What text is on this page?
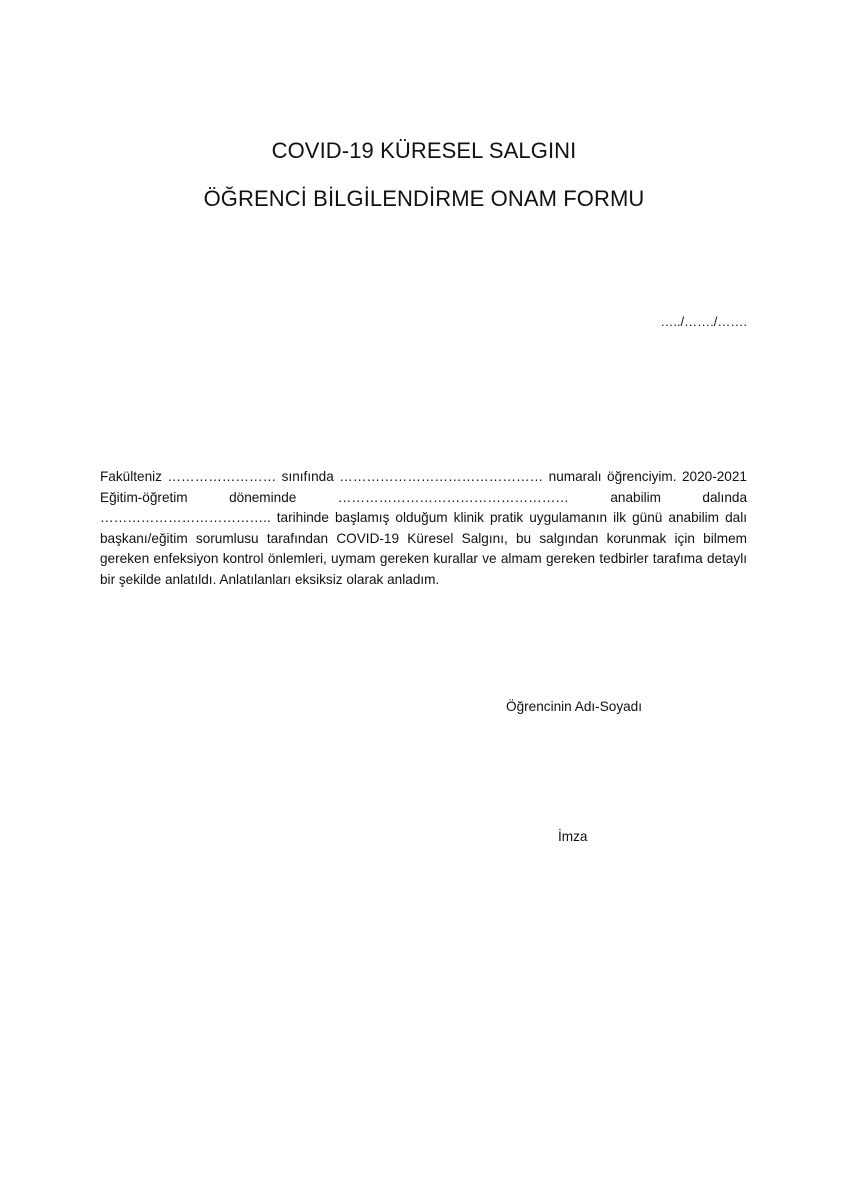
COVID-19 KÜRESEL SALGINI
ÖĞRENCİ BİLGİLENDİRME ONAM FORMU
…../……./…….

Fakülteniz …………………… sınıfında ……………………………………… numaralı öğrenciyim. 2020-2021 Eğitim-öğretim döneminde …………………………………………… anabilim dalında ……………………………….. tarihinde başlamış olduğum klinik pratik uygulamanın ilk günü anabilim dalı başkanı/eğitim sorumlusu tarafından COVID-19 Küresel Salgını, bu salgından korunmak için bilmem gereken enfeksiyon kontrol önlemleri, uymam gereken kurallar ve almam gereken tedbirler tarafıma detaylı bir şekilde anlatıldı. Anlatılanları eksiksiz olarak anladım.

Öğrencinin Adı-Soyadı
İmza
